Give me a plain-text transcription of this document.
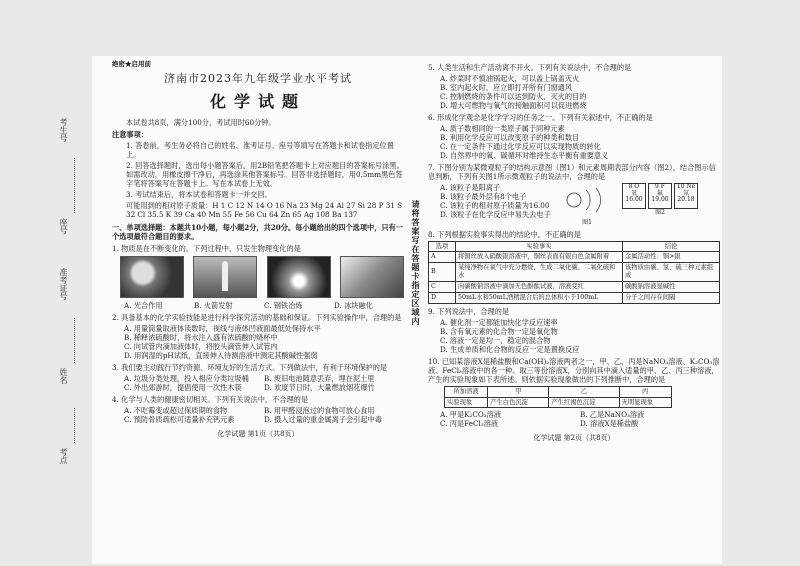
考生号
座号
准考证号
姓名
考点
绝密★启用前
济南市2023年九年级学业水平考试
化学试题

本试卷共8页，满分100分，考试用时60分钟。

注意事项：

1. 答卷前，考生务必将自己的姓名、准考证号、座号等填写在答题卡和试卷指定位置上。

2. 回答选择题时，选出每小题答案后，用2B铅笔把答题卡上对应题目的答案标号涂黑。如需改动，用橡皮擦干净后，再选涂其他答案标号。回答非选择题时，用0.5mm黑色签字笔将答案写在答题卡上。写在本试卷上无效。

3. 考试结束后，将本试卷和答题卡一并交回。

可能用到的相对原子质量：H 1 C 12 N 14 O 16 Na 23 Mg 24 Al 27 Si 28 P 31 S 32 Cl 35.5 K 39 Ca 40 Mn 55 Fe 56 Cu 64 Zn 65 Ag 108 Ba 137

一、单项选择题：本题共10小题，每小题2分，共20分。每小题给出的四个选项中，只有一个选项最符合题目的要求。

1. 物质是在不断变化的。下列过程中，只发生物理变化的是

A. 光合作用	B. 火箭发射	C. 钢铁冶炼	D. 冰块融化

2. 具备基本的化学实验技能是进行科学探究活动的基础和保证。下列实验操作中，合理的是

A. 用量筒量取液体读数时，视线与液体凹液面最低处保持水平
B. 稀释浓硫酸时，将水注入盛有浓硫酸的烧杯中
C. 向试管内滴加液体时，将胶头滴管伸入试管内
D. 用润湿的pH试纸，直接伸入待测溶液中测定其酸碱性强弱

3. 我们要主动践行节约资源、环境友好的生活方式。下列做法中，有利于环境保护的是

A. 垃圾分类处理，投入相应分类垃圾桶	B. 废旧电池随意丢弃，埋在泥土里
C. 外出郊游时，提倡使用一次性木筷	D. 欢度节日时，大量燃放烟花爆竹

4. 化学与人类的健康密切相关。下列有关说法中，不合理的是

A. 不吃霉变或超过保质期的食物	B. 用甲醛浸泡过的食物可放心食用
C. 预防骨质疏松可适量补充钙元素	D. 摄入过量的重金属离子会引起中毒
化学试题 第1页（共8页）
请将答案写在答题卡指定区域内

5. 人类生活和生产活动离不开火。下列有关说法中，不合理的是

A. 炒菜时不慎油锅起火，可以盖上锅盖灭火
B. 室内起火时，应立即打开所有门窗通风
C. 控制燃烧的条件可以达到防火、灭火的目的
D. 增大可燃物与氧气的接触面积可以促进燃烧

6. 形成化学观念是化学学习的任务之一。下列有关叙述中，不正确的是

A. 质子数相同的一类原子属于同种元素
B. 利用化学反应可以改变原子的种类和数目
C. 在一定条件下通过化学反应可以实现物质的转化
D. 自然界中的氧、碳循环对维持生态平衡有重要意义

7. 下图分别为某微观粒子的结构示意图（图1）和元素周期表部分内容（图2），结合图示信息判断，下列有关图1所示微观粒子的说法中，合理的是

A. 该粒子是阳离子
B. 该粒子最外层有8个电子
C. 该粒子的相对原子质量为16.00
D. 该粒子在化学反应中易失去电子
图1
8 O
氧
16.00
9 F
氟
19.00
10 Ne
氖
20.18
图2

8. 下列根据实验事实得出的结论中，不正确的是

选项	实验事实	结论
A	将铜丝放入硝酸银溶液中，铜丝表面有银白色金属附着	金属活动性：铜>银
B	某纯净物在氧气中充分燃烧，生成二氧化碳、二氧化硫和水	该物质由碳、氢、硫三种元素组成
C	向碳酸钠溶液中滴加无色酚酞试液，溶液变红	碳酸钠溶液显碱性
D	50mL水和50mL酒精混合后的总体积小于100mL	分子之间存在间隔

9. 下列说法中，合理的是

A. 催化剂一定都能加快化学反应速率
B. 含有氧元素的化合物一定是氧化物
C. 溶液一定是均一、稳定的混合物
D. 生成单质和化合物的反应一定是置换反应

10. 已知某溶液X是稀盐酸和Ca(OH)₂溶液两者之一，甲、乙、丙是NaNO₃溶液、K₂CO₃溶液、FeCl₃溶液中的各一种。取三等份溶液X，分别向其中滴入适量的甲、乙、丙三种溶液，产生的实验现象如下表所述。则依据实验现象做出的下列推断中，合理的是

所加溶液	甲	乙	丙
实验现象	产生白色沉淀	产生红褐色沉淀	无明显现象
A. 甲是K₂CO₃溶液	B. 乙是NaNO₃溶液
C. 丙是FeCl₃溶液	D. 溶液X是稀盐酸
化学试题 第2页（共8页）
